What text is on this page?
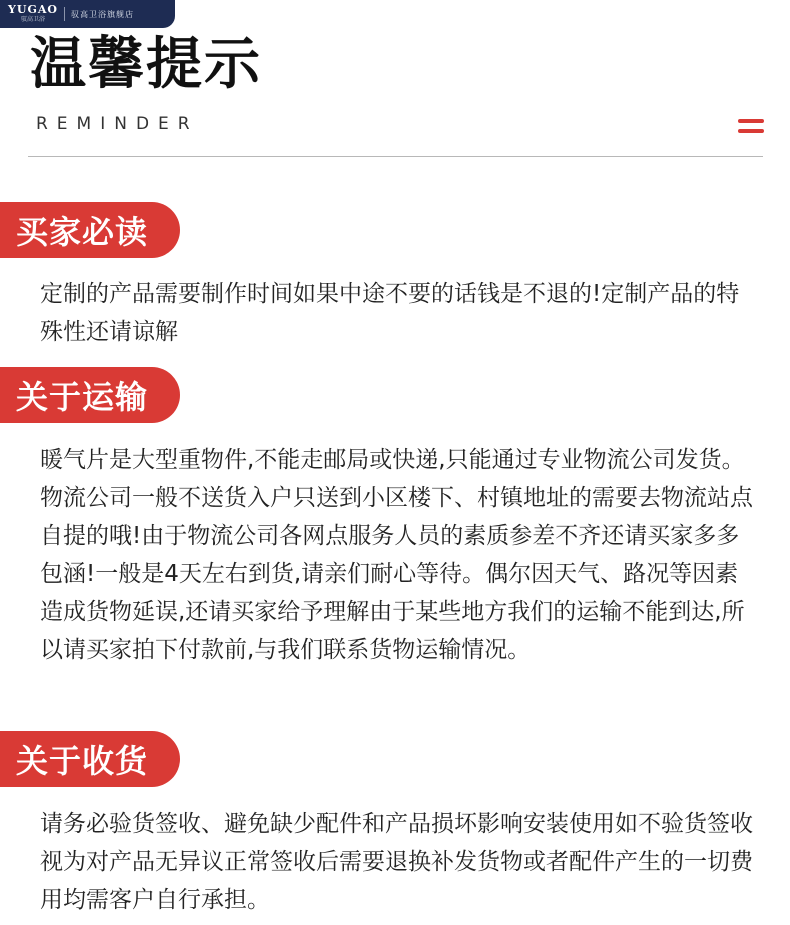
YUGAO
驭高卫浴
驭高卫浴旗舰店
温馨提示
REMINDER
买家必读

定制的产品需要制作时间如果中途不要的话钱是不退的!定制产品的特殊性还请谅解

关于运输

暖气片是大型重物件,不能走邮局或快递,只能通过专业物流公司发货。物流公司一般不送货入户只送到小区楼下、村镇地址的需要去物流站点自提的哦!由于物流公司各网点服务人员的素质参差不齐还请买家多多包涵!一般是4天左右到货,请亲们耐心等待。偶尔因天气、路况等因素造成货物延误,还请买家给予理解由于某些地方我们的运输不能到达,所以请买家拍下付款前,与我们联系货物运输情况。

关于收货

请务必验货签收、避免缺少配件和产品损坏影响安装使用如不验货签收视为对产品无异议正常签收后需要退换补发货物或者配件产生的一切费用均需客户自行承担。
